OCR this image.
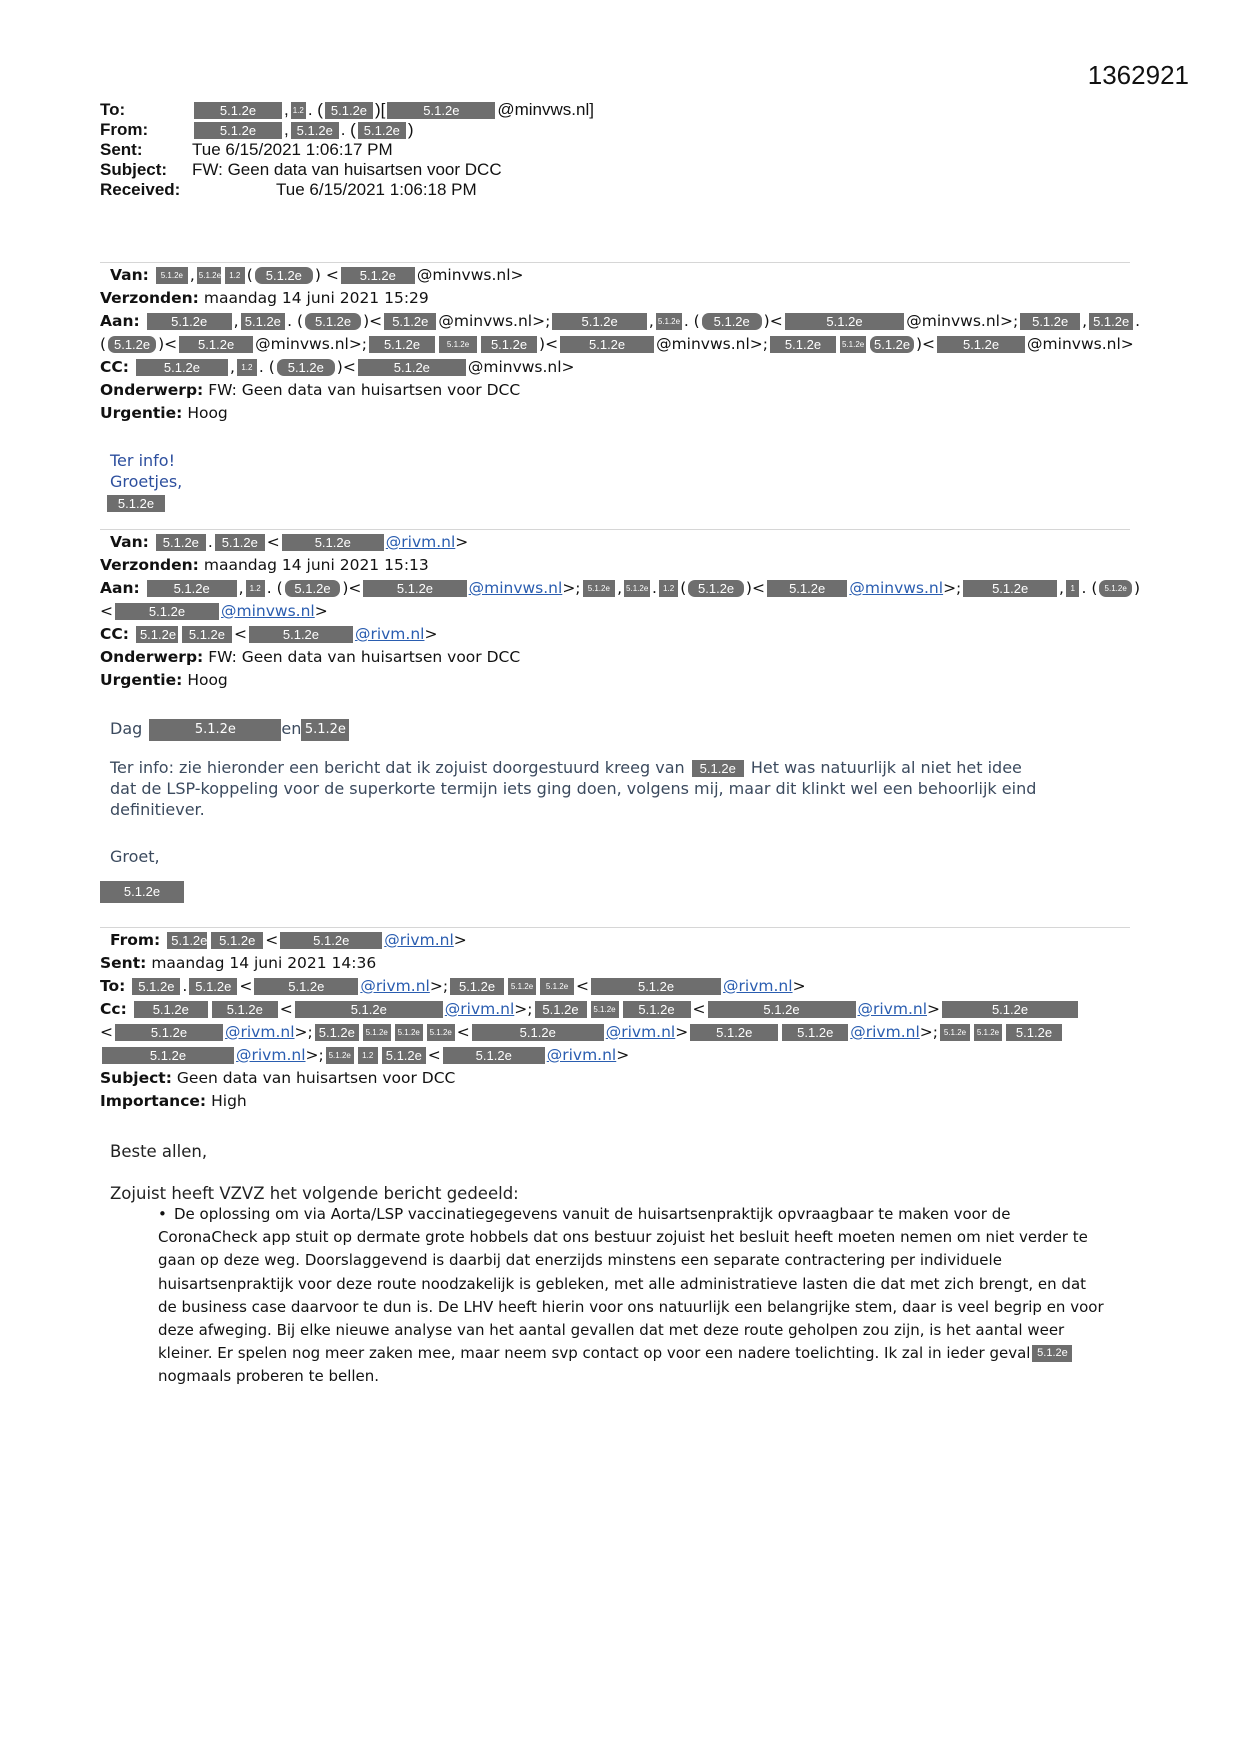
1362921
To:	5.1.2e	, 1.2 . ( 5.1.2e )[	5.1.2e	@minvws.nl]
From:	5.1.2e	, 5.1.2e . ( 5.1.2e )
Sent:	Tue 6/15/2021 1:06:17 PM
Subject:	FW: Geen data van huisartsen voor DCC
Received:	Tue 6/15/2021 1:06:18 PM
Van:	5.1.2e , 5.1.2e	1.2 ( 5.1.2e ) <	5.1.2e	@minvws.nl>
Verzonden: maandag 14 juni 2021 15:29
Aan:	5.1.2e	, 5.1.2e . ( 5.1.2e )< 5.1.2e @minvws.nl>;	5.1.2e	, 5.1.2e . (	5.1.2e )<	5.1.2e	@minvws.nl>;	5.1.2e , 5.1.2e .
( 5.1.2e )<	5.1.2e	@minvws.nl>;	5.1.2e	5.1.2e	5.1.2e )<	5.1.2e	@minvws.nl>;	5.1.2e	5.1.2e 5.1.2e )<	5.1.2e	@minvws.nl>
CC:	5.1.2e	, 1.2 . ( 5.1.2e )<	5.1.2e	@minvws.nl>
Onderwerp: FW: Geen data van huisartsen voor DCC
Urgentie: Hoog
Ter info!
Groetjes,
5.1.2e
Van:	5.1.2e . 5.1.2e <	5.1.2e	@rivm.nl >
Verzonden: maandag 14 juni 2021 15:13
Aan:	5.1.2e	, 1.2 . ( 5.1.2e )<	5.1.2e	@minvws.nl >; 5.1.2e , 5.1.2e . 1.2 ( 5.1.2e )<	5.1.2e	@minvws.nl >;	5.1.2e	, 1 . ( 5.1.2e )
<	5.1.2e	@minvws.nl >
CC: 5.1.2e 5.1.2e <	5.1.2e	@rivm.nl >
Onderwerp: FW: Geen data van huisartsen voor DCC
Urgentie: Hoog
Dag	5.1.2e	en 5.1.2e
Ter info: zie hieronder een bericht dat ik zojuist doorgestuurd kreeg van 5.1.2e Het was natuurlijk al niet het idee
dat de LSP-koppeling voor de superkorte termijn iets ging doen, volgens mij, maar dit klinkt wel een behoorlijk eind
definitiever.
Groet,
5.1.2e
From: 5.1.2e 5.1.2e <	5.1.2e	@rivm.nl >
Sent: maandag 14 juni 2021 14:36
To: 5.1.2e . 5.1.2e <	5.1.2e	@rivm.nl >; 5.1.2e	5.1.2e	5.1.2e <	5.1.2e	@rivm.nl >
Cc:	5.1.2e	5.1.2e	<	5.1.2e	@rivm.nl >; 5.1.2e	5.1.2e	5.1.2e	<	5.1.2e	@rivm.nl >	5.1.2e
<	5.1.2e	@rivm.nl >; 5.1.2e	5.1.2e	5.1.2e	5.1.2e <	5.1.2e	@rivm.nl >	5.1.2e	5.1.2e	@rivm.nl >; 5.1.2e	5.1.2e	5.1.2e
5.1.2e	@rivm.nl >; 5.1.2e	1.2 5.1.2e <	5.1.2e	@rivm.nl >
Subject: Geen data van huisartsen voor DCC
Importance: High
Beste allen,
Zojuist heeft VZVZ het volgende bericht gedeeld:
• De oplossing om via Aorta/LSP vaccinatiegegevens vanuit de huisartsenpraktijk opvraagbaar te maken voor de
CoronaCheck app stuit op dermate grote hobbels dat ons bestuur zojuist het besluit heeft moeten nemen om niet verder te
gaan op deze weg. Doorslaggevend is daarbij dat enerzijds minstens een separate contractering per individuele
huisartsenpraktijk voor deze route noodzakelijk is gebleken, met alle administratieve lasten die dat met zich brengt, en dat
de business case daarvoor te dun is. De LHV heeft hierin voor ons natuurlijk een belangrijke stem, daar is veel begrip en voor
deze afweging. Bij elke nieuwe analyse van het aantal gevallen dat met deze route geholpen zou zijn, is het aantal weer
kleiner. Er spelen nog meer zaken mee, maar neem svp contact op voor een nadere toelichting. Ik zal in ieder geval 5.1.2e
nogmaals proberen te bellen.
